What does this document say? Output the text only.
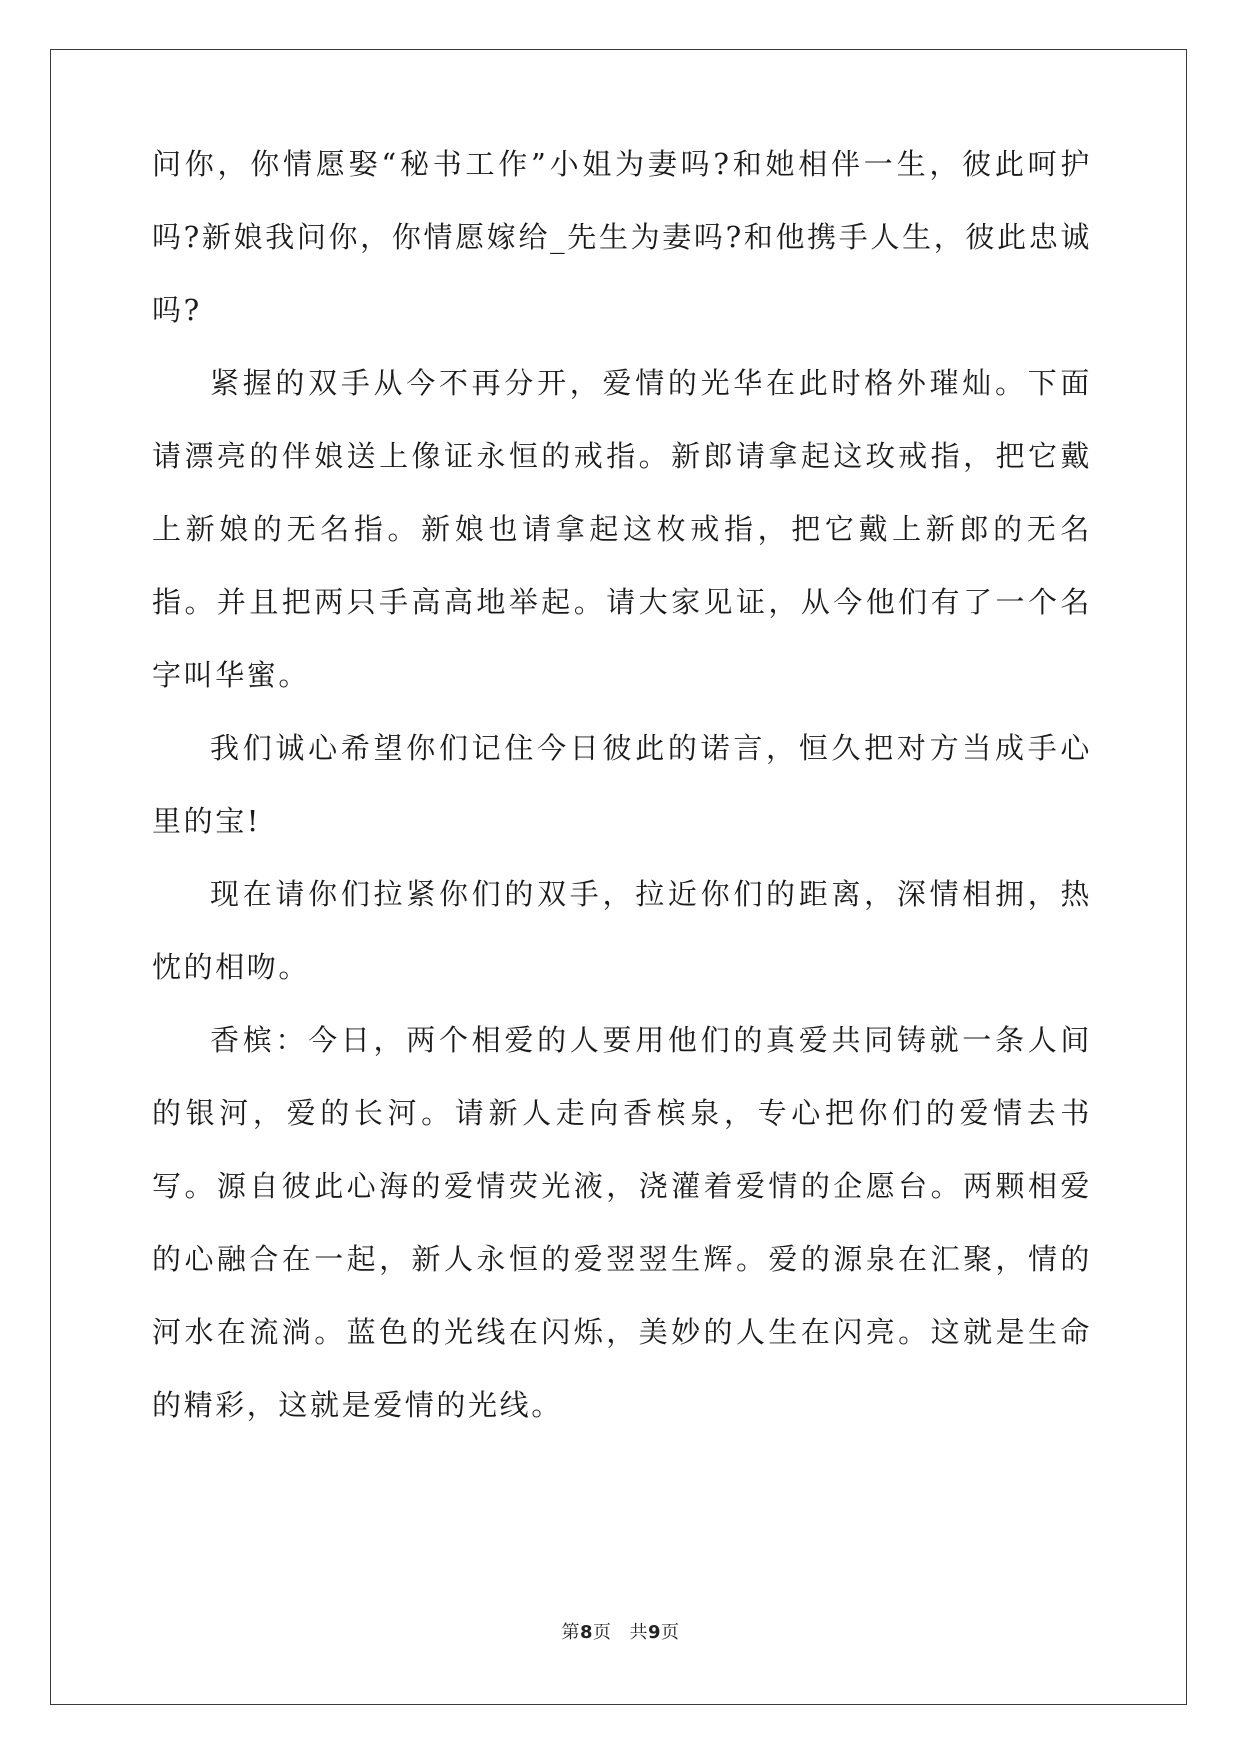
问你，你情愿娶“秘书工作”小姐为妻吗?和她相伴一生，彼此呵护吗?新娘我问你，你情愿嫁给_先生为妻吗?和他携手人生，彼此忠诚吗?

紧握的双手从今不再分开，爱情的光华在此时格外璀灿。下面请漂亮的伴娘送上像证永恒的戒指。新郎请拿起这玫戒指，把它戴上新娘的无名指。新娘也请拿起这枚戒指，把它戴上新郎的无名指。并且把两只手高高地举起。请大家见证，从今他们有了一个名字叫华蜜。

我们诚心希望你们记住今日彼此的诺言，恒久把对方当成手心里的宝!

现在请你们拉紧你们的双手，拉近你们的距离，深情相拥，热忱的相吻。

香槟：今日，两个相爱的人要用他们的真爱共同铸就一条人间的银河，爱的长河。请新人走向香槟泉，专心把你们的爱情去书写。源自彼此心海的爱情荧光液，浇灌着爱情的企愿台。两颗相爱的心融合在一起，新人永恒的爱翌翌生辉。爱的源泉在汇聚，情的河水在流淌。蓝色的光线在闪烁，美妙的人生在闪亮。这就是生命的精彩，这就是爱情的光线。

第8页 共9页
